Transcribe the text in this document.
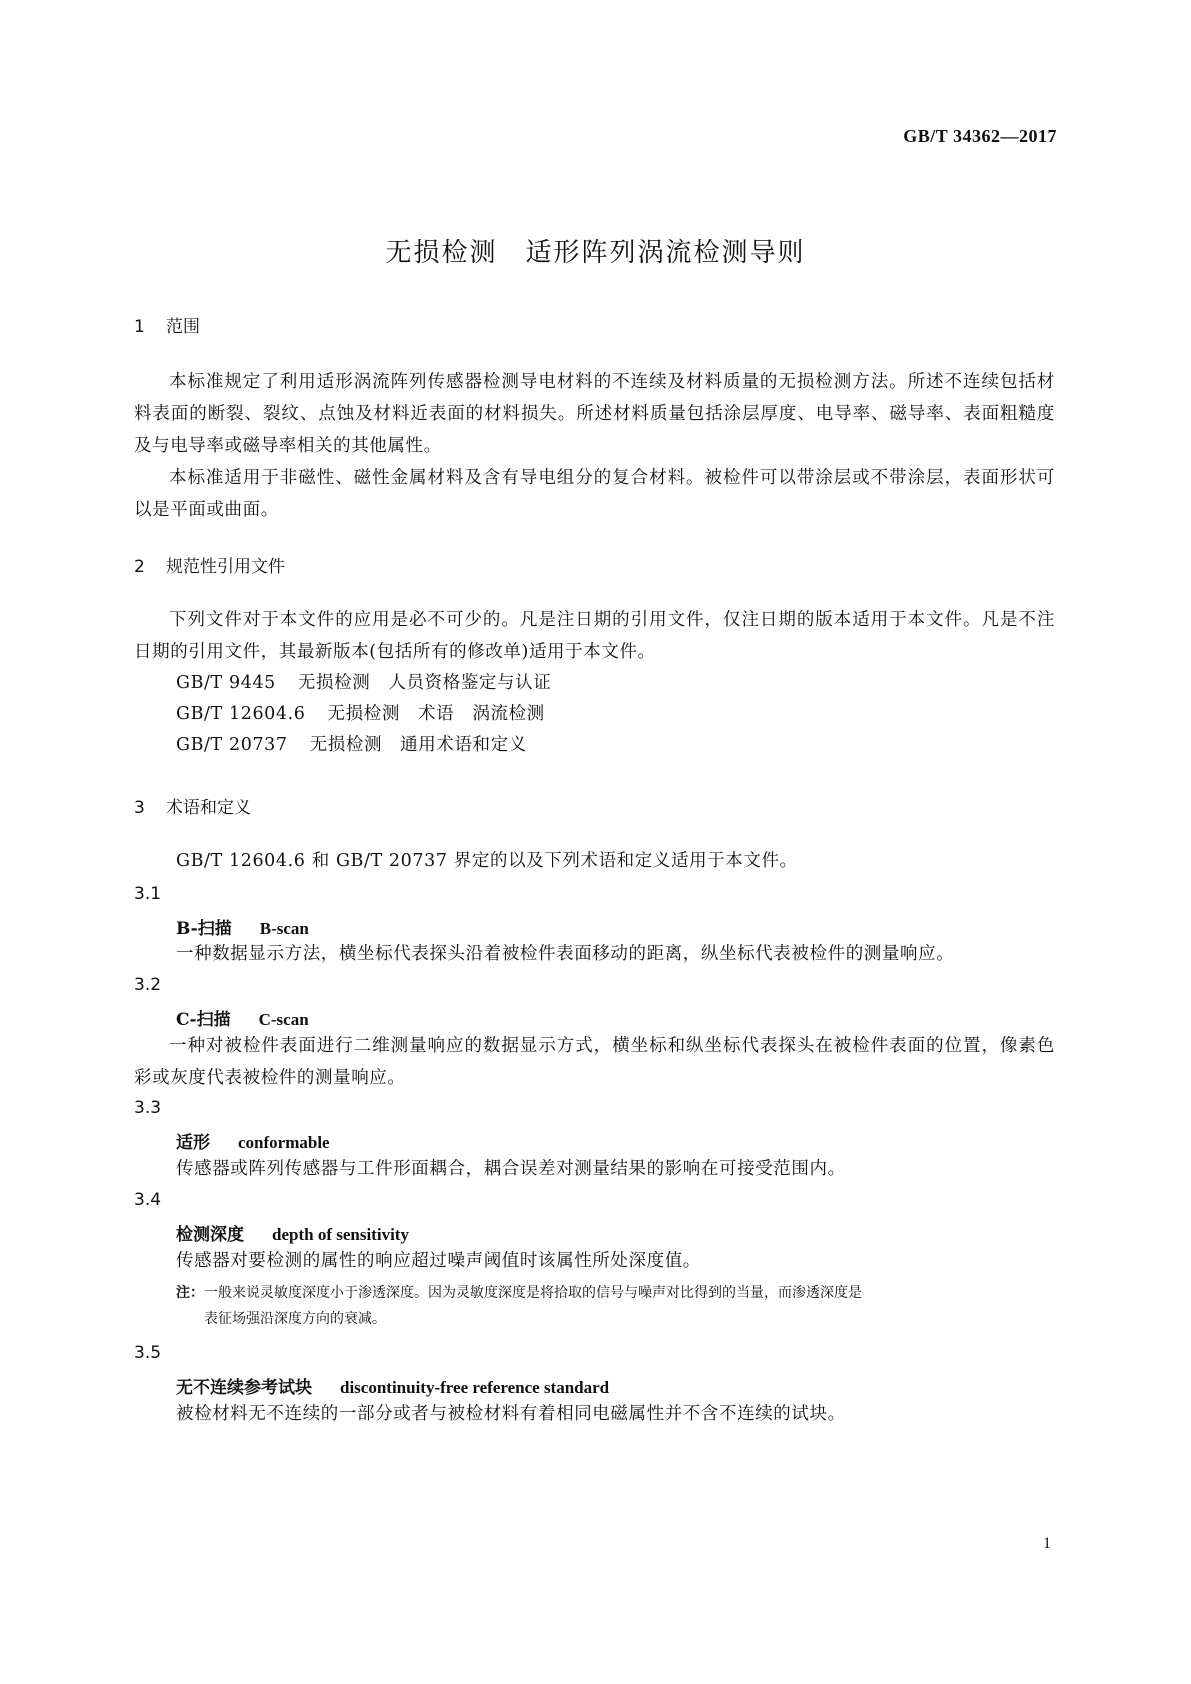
GB/T 34362—2017
无损检测　适形阵列涡流检测导则
1 范围

本标准规定了利用适形涡流阵列传感器检测导电材料的不连续及材料质量的无损检测方法。所述不连续包括材料表面的断裂、裂纹、点蚀及材料近表面的材料损失。所述材料质量包括涂层厚度、电导率、磁导率、表面粗糙度及与电导率或磁导率相关的其他属性。

本标准适用于非磁性、磁性金属材料及含有导电组分的复合材料。被检件可以带涂层或不带涂层，表面形状可以是平面或曲面。

2 规范性引用文件

下列文件对于本文件的应用是必不可少的。凡是注日期的引用文件，仅注日期的版本适用于本文件。凡是不注日期的引用文件，其最新版本(包括所有的修改单)适用于本文件。

GB/T 9445 无损检测　人员资格鉴定与认证
GB/T 12604.6 无损检测　术语　涡流检测
GB/T 20737 无损检测　通用术语和定义
3 术语和定义
GB/T 12604.6 和 GB/T 20737 界定的以及下列术语和定义适用于本文件。
3.1
B-扫描 B-scan
一种数据显示方法，横坐标代表探头沿着被检件表面移动的距离，纵坐标代表被检件的测量响应。
3.2
C-扫描 C-scan

一种对被检件表面进行二维测量响应的数据显示方式，横坐标和纵坐标代表探头在被检件表面的位置，像素色彩或灰度代表被检件的测量响应。

3.3
适形 conformable
传感器或阵列传感器与工件形面耦合，耦合误差对测量结果的影响在可接受范围内。
3.4
检测深度 depth of sensitivity
传感器对要检测的属性的响应超过噪声阈值时该属性所处深度值。

注：一般来说灵敏度深度小于渗透深度。因为灵敏度深度是将拾取的信号与噪声对比得到的当量，而渗透深度是
表征场强沿深度方向的衰减。

3.5
无不连续参考试块 discontinuity-free reference standard
被检材料无不连续的一部分或者与被检材料有着相同电磁属性并不含不连续的试块。
1
